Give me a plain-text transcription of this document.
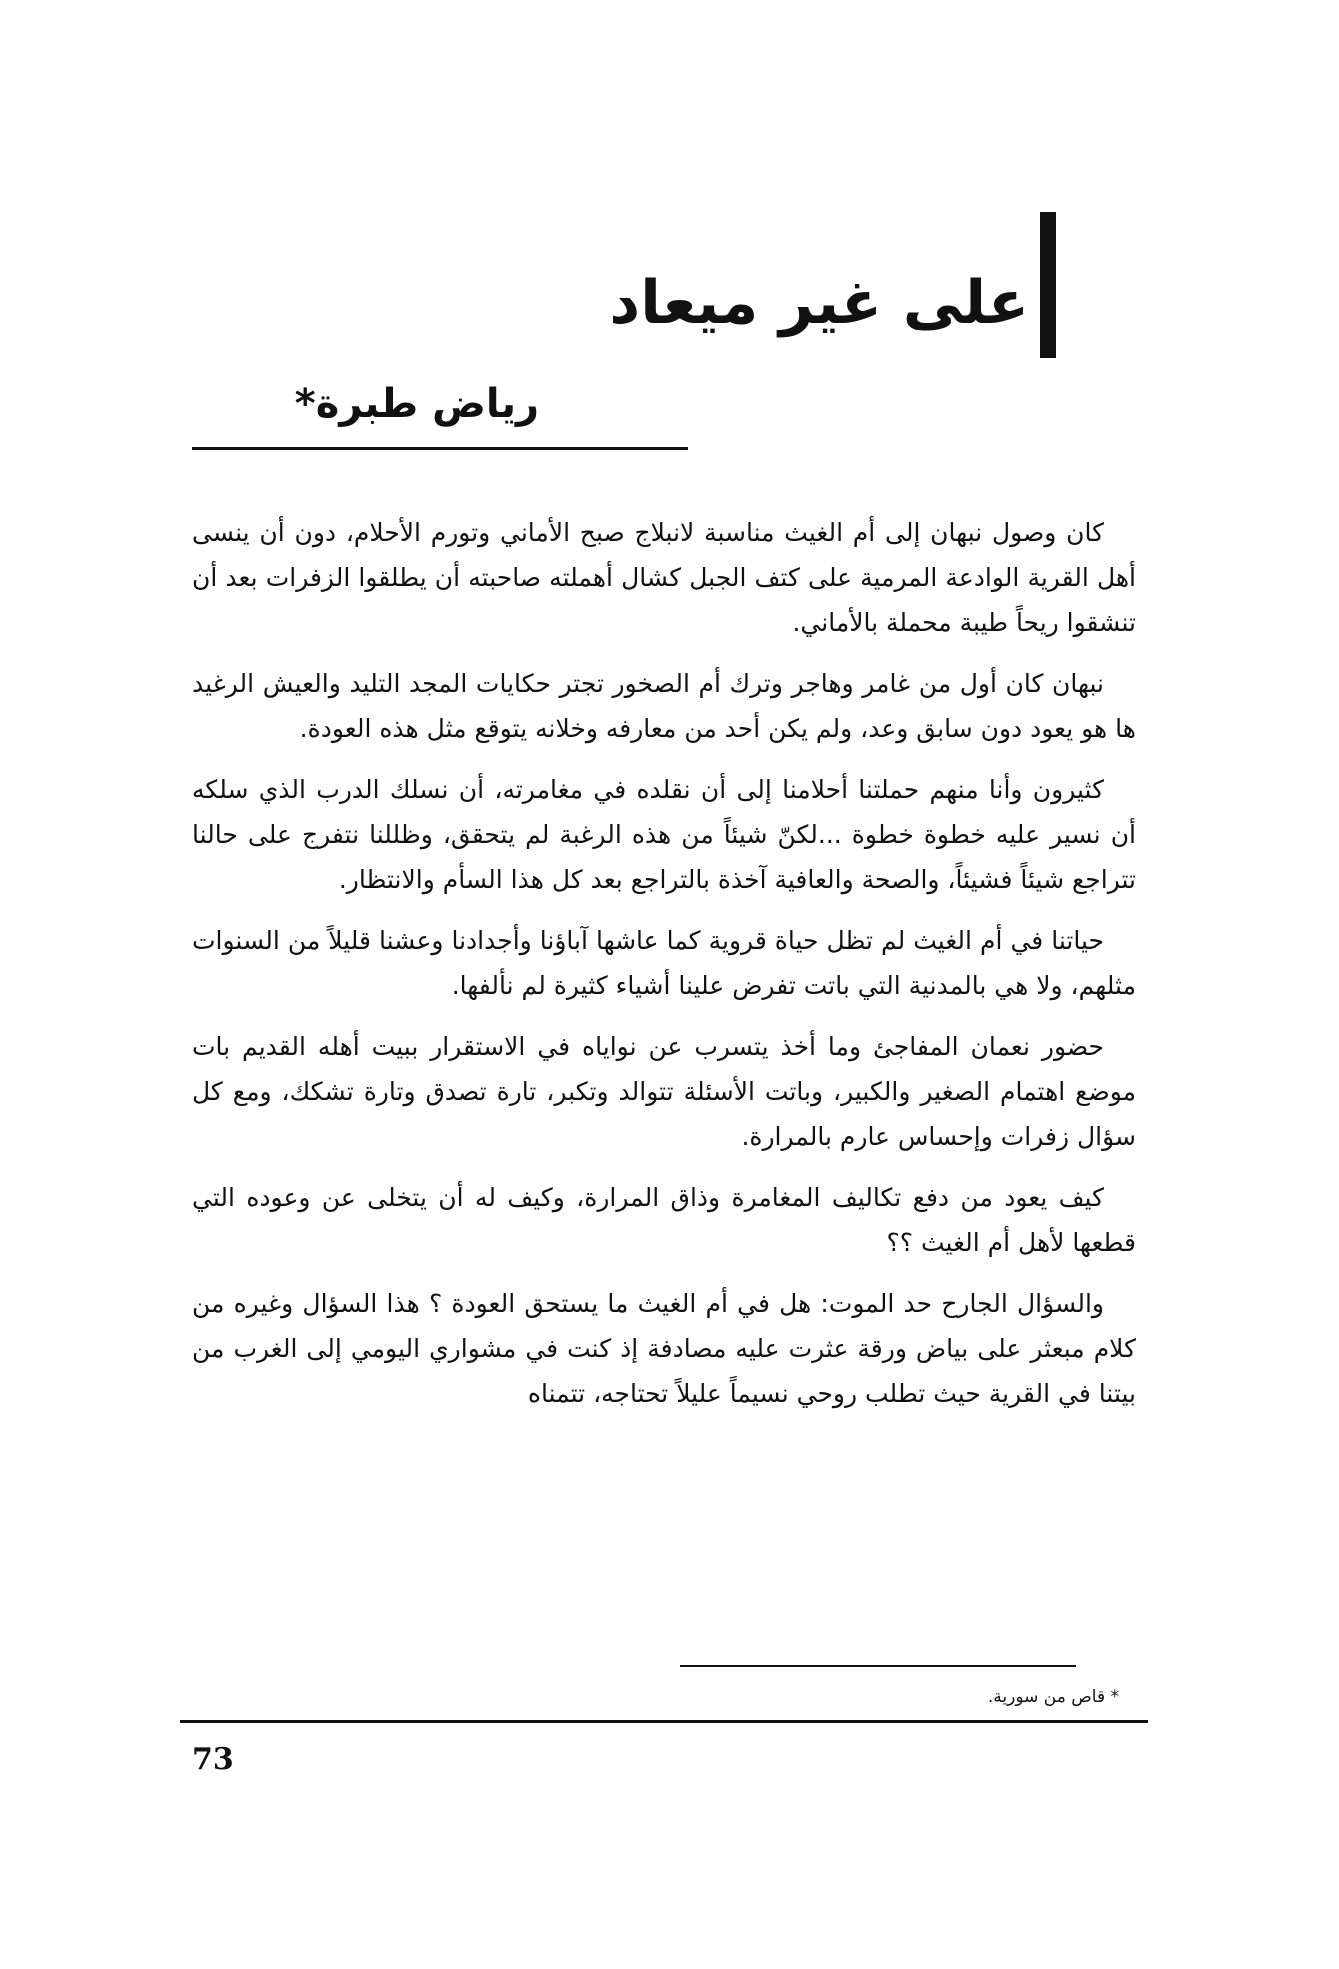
على غير ميعاد
رياض طبرة*

كان وصول نبهان إلى أم الغيث مناسبة لانبلاج صبح الأماني وتورم الأحلام، دون أن ينسى أهل القرية الوادعة المرمية على كتف الجبل كشال أهملته صاحبته أن يطلقوا الزفرات بعد أن تنشقوا ريحاً طيبة محملة بالأماني.

نبهان كان أول من غامر وهاجر وترك أم الصخور تجتر حكايات المجد التليد والعيش الرغيد ها هو يعود دون سابق وعد، ولم يكن أحد من معارفه وخلانه يتوقع مثل هذه العودة.

كثيرون وأنا منهم حملتنا أحلامنا إلى أن نقلده في مغامرته، أن نسلك الدرب الذي سلكه أن نسير عليه خطوة خطوة ...لكنّ شيئاً من هذه الرغبة لم يتحقق، وظللنا نتفرج على حالنا تتراجع شيئاً فشيئاً، والصحة والعافية آخذة بالتراجع بعد كل هذا السأم والانتظار.

حياتنا في أم الغيث لم تظل حياة قروية كما عاشها آباؤنا وأجدادنا وعشنا قليلاً من السنوات مثلهم، ولا هي بالمدنية التي باتت تفرض علينا أشياء كثيرة لم نألفها.

حضور نعمان المفاجئ وما أخذ يتسرب عن نواياه في الاستقرار ببيت أهله القديم بات موضع اهتمام الصغير والكبير، وباتت الأسئلة تتوالد وتكبر، تارة تصدق وتارة تشكك، ومع كل سؤال زفرات وإحساس عارم بالمرارة.

كيف يعود من دفع تكاليف المغامرة وذاق المرارة، وكيف له أن يتخلى عن وعوده التي قطعها لأهل أم الغيث ؟؟

والسؤال الجارح حد الموت: هل في أم الغيث ما يستحق العودة ؟ هذا السؤال وغيره من كلام مبعثر على بياض ورقة عثرت عليه مصادفة إذ كنت في مشواري اليومي إلى الغرب من بيتنا في القرية حيث تطلب روحي نسيماً عليلاً تحتاجه، تتمناه

* قاص من سورية.
73
